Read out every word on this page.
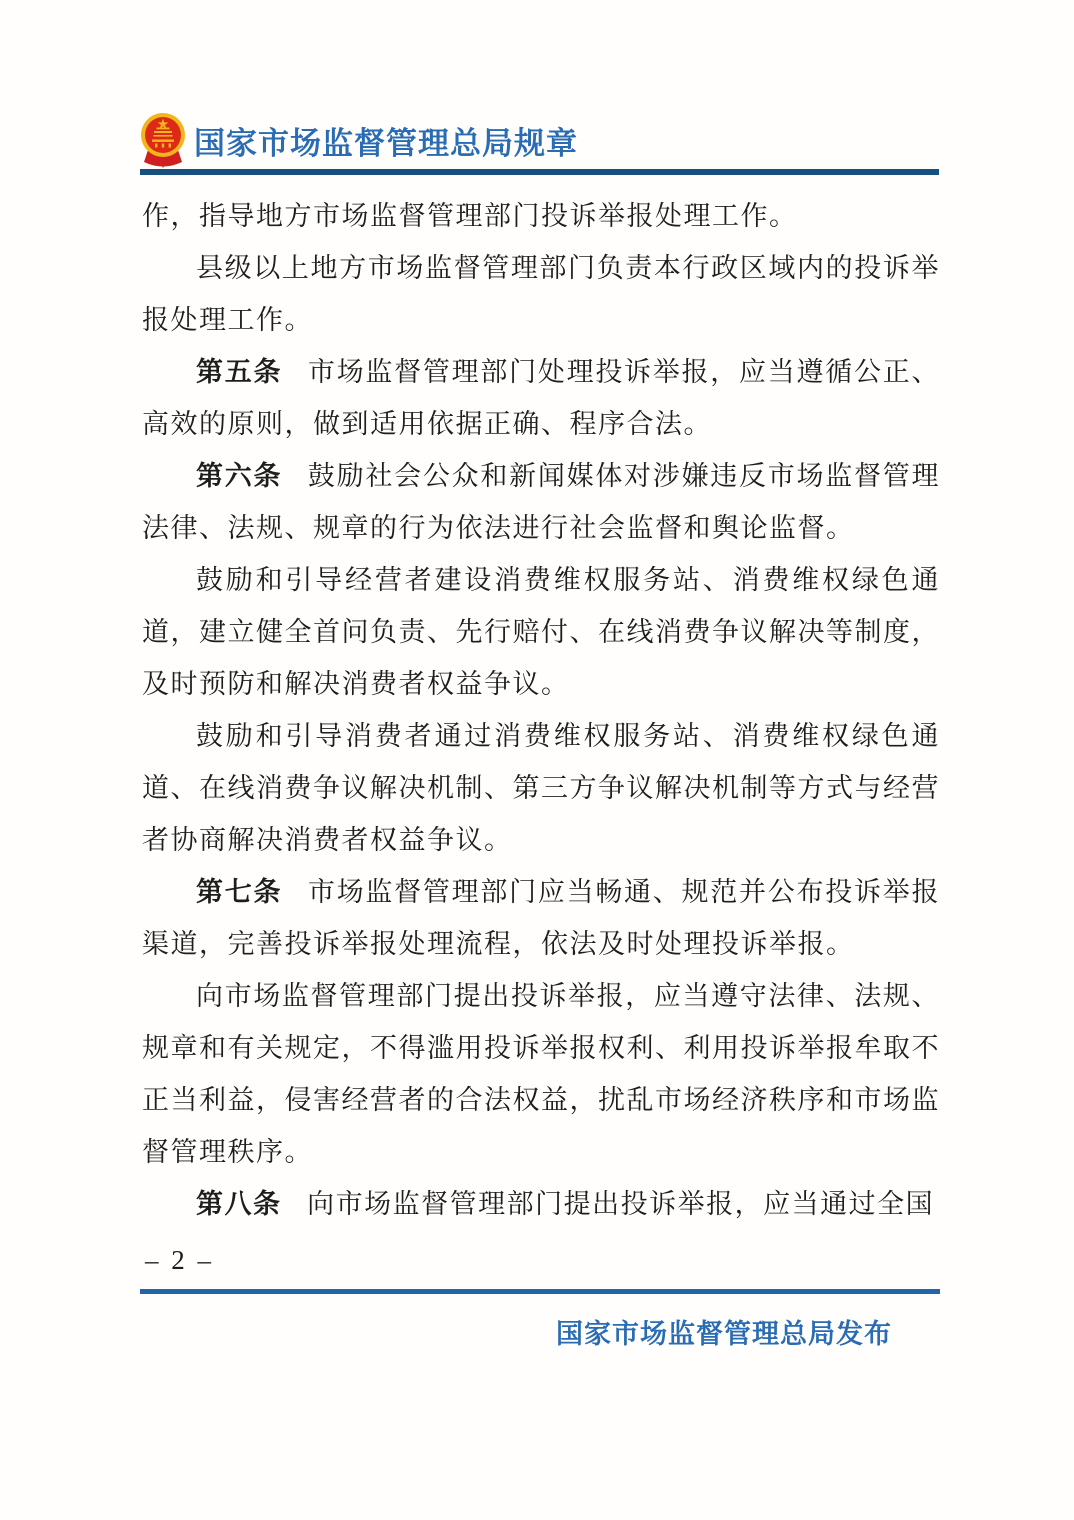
国家市场监督管理总局规章

作，指导地方市场监督管理部门投诉举报处理工作。

县级以上地方市场监督管理部门负责本行政区域内的投诉举报处理工作。

第五条 市场监督管理部门处理投诉举报，应当遵循公正、高效的原则，做到适用依据正确、程序合法。

第六条 鼓励社会公众和新闻媒体对涉嫌违反市场监督管理法律、法规、规章的行为依法进行社会监督和舆论监督。

鼓励和引导经营者建设消费维权服务站、消费维权绿色通道，建立健全首问负责、先行赔付、在线消费争议解决等制度，及时预防和解决消费者权益争议。

鼓励和引导消费者通过消费维权服务站、消费维权绿色通道、在线消费争议解决机制、第三方争议解决机制等方式与经营者协商解决消费者权益争议。

第七条 市场监督管理部门应当畅通、规范并公布投诉举报渠道，完善投诉举报处理流程，依法及时处理投诉举报。

向市场监督管理部门提出投诉举报，应当遵守法律、法规、规章和有关规定，不得滥用投诉举报权利、利用投诉举报牟取不正当利益，侵害经营者的合法权益，扰乱市场经济秩序和市场监督管理秩序。

第八条 向市场监督管理部门提出投诉举报，应当通过全国

– 2 –
国家市场监督管理总局发布
